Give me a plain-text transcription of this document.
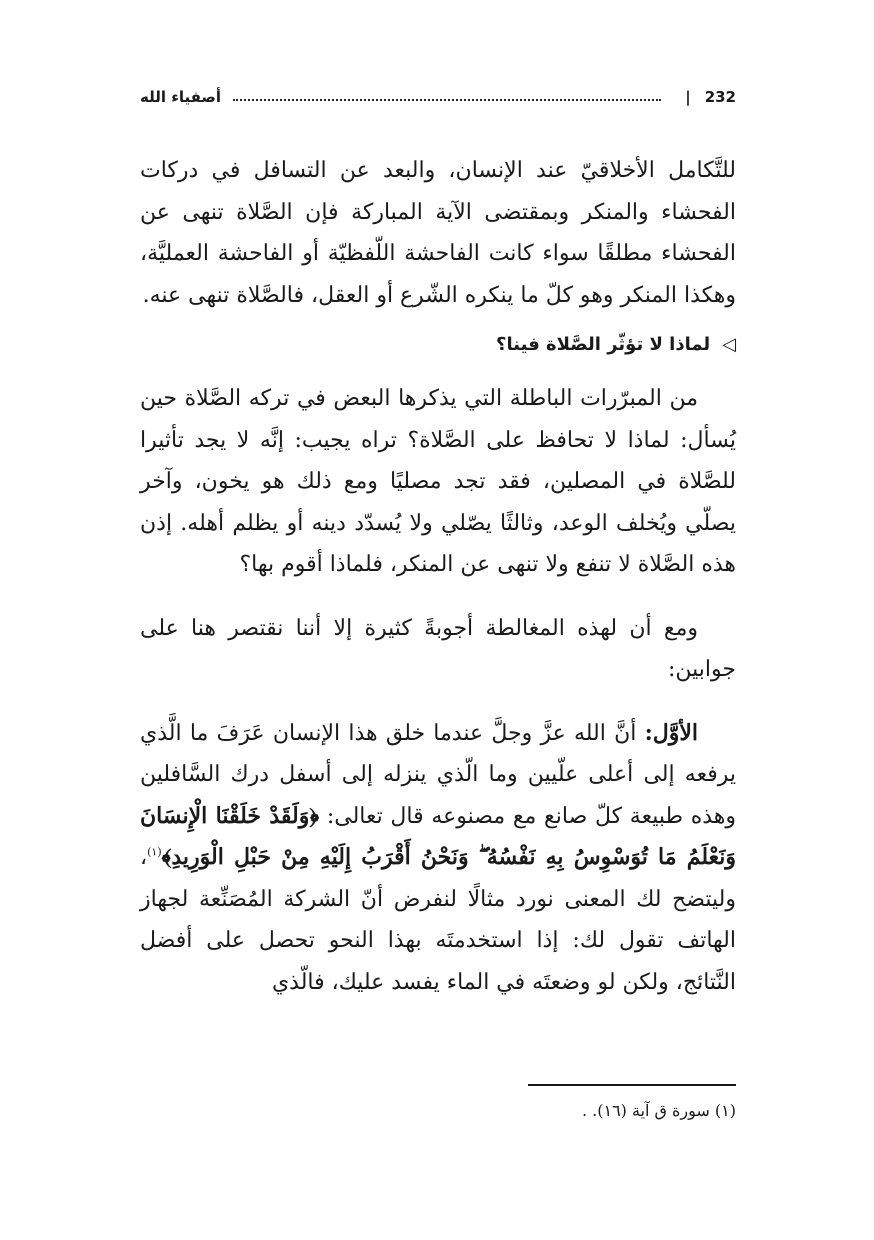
232
|
أصفياء الله

للتَّكامل الأخلاقيّ عند الإنسان، والبعد عن التسافل في دركات الفحشاء والمنكر وبمقتضى الآية المباركة فإن الصَّلاة تنهى عن الفحشاء مطلقًا سواء كانت الفاحشة اللّفظيّة أو الفاحشة العمليَّة، وهكذا المنكر وهو كلّ ما ينكره الشّرع أو العقل، فالصَّلاة تنهى عنه.

◁
لماذا لا تؤثّر الصَّلاة فينا؟

من المبرّرات الباطلة التي يذكرها البعض في تركه الصَّلاة حين يُسأل: لماذا لا تحافظ على الصَّلاة؟ تراه يجيب: إنَّه لا يجد تأثيرا للصَّلاة في المصلين، فقد تجد مصليًا ومع ذلك هو يخون، وآخر يصلّي ويُخلف الوعد، وثالثًا يصّلي ولا يُسدّد دينه أو يظلم أهله. إذن هذه الصَّلاة لا تنفع ولا تنهى عن المنكر، فلماذا أقوم بها؟

ومع أن لهذه المغالطة أجوبةً كثيرة إلا أننا نقتصر هنا على جوابين:

الأوَّل: أنَّ الله عزَّ وجلَّ عندما خلق هذا الإنسان عَرَفَ ما الَّذي يرفعه إلى أعلى علّيين وما الّذي ينزله إلى أسفل درك السَّافلين وهذه طبيعة كلّ صانع مع مصنوعه قال تعالى: ﴿وَلَقَدْ خَلَقْنَا الْإِنسَانَ وَنَعْلَمُ مَا تُوَسْوِسُ بِهِ نَفْسُهُ ۖ وَنَحْنُ أَقْرَبُ إِلَيْهِ مِنْ حَبْلِ الْوَرِيدِ﴾$^{(١)}$، وليتضح لك المعنى نورد مثالًا لنفرض أنّ الشركة المُصَنِّعة لجهاز الهاتف تقول لك: إذا استخدمتَه بهذا النحو تحصل على أفضل النَّتائج، ولكن لو وضعتَه في الماء يفسد عليك، فالّذي

(١) سورة ق آية (١٦). .
